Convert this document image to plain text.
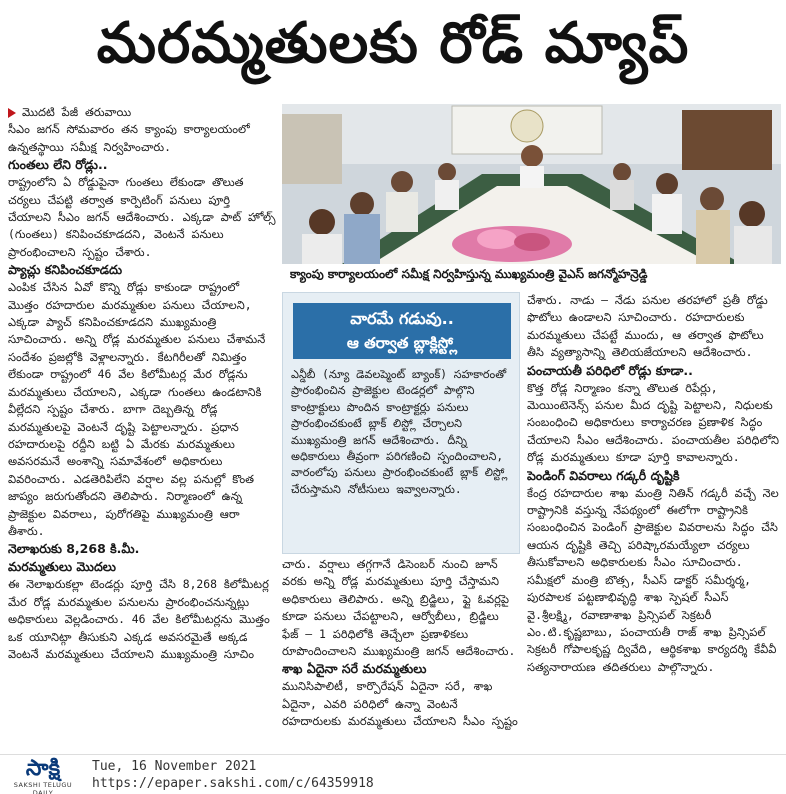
మరమ్మతులకు రోడ్ మ్యాప్

మొదటి పేజీ తరువాయి

సీఎం జగన్ సోమవారం తన క్యాంపు కార్యాలయంలో ఉన్నతస్థాయి సమీక్ష నిర్వహించారు.

గుంతలు లేని రోడ్లు..

రాష్ట్రంలోని ఏ రోడ్డుపైనా గుంతలు లేకుండా తొలుత చర్యలు చేపట్టి తర్వాత కార్పెటింగ్ పనులు పూర్తి చేయాలని సీఎం జగన్ ఆదేశించారు. ఎక్కడా పాట్ హోల్స్ (గుంతలు) కనిపించకూడదని, వెంటనే పనులు ప్రారంభించాలని స్పష్టం చేశారు.

ప్యాచ్లు కనిపించకూడదు

ఎంపిక చేసిన ఏవో కొన్ని రోడ్లు కాకుండా రాష్ట్రంలో మొత్తం రహదారుల మరమ్మతుల పనులు చేయాలని, ఎక్కడా ప్యాచ్ కనిపించకూడదని ముఖ్యమంత్రి సూచించారు. అన్ని రోడ్ల మరమ్మతుల పనులు చేశామనే సందేశం ప్రజల్లోకి వెళ్లాలన్నారు. కేటగిరీలతో నిమిత్తం లేకుండా రాష్ట్రంలో 46 వేల కిలోమీటర్ల మేర రోడ్లను మరమ్మతులు చేయాలని, ఎక్కడా గుంతలు ఉండటానికి వీల్లేదని స్పష్టం చేశారు. బాగా దెబ్బతిన్న రోడ్ల మరమ్మతులపై వెంటనే దృష్టి పెట్టాలన్నారు. ప్రధాన రహదారులపై రద్దీని బట్టి ఏ మేరకు మరమ్మతులు అవసరమనే అంశాన్ని సమావేశంలో అధికారులు వివరించారు. ఎడతెరిపిలేని వర్షాల వల్ల పనుల్లో కొంత జాప్యం జరుగుతోందని తెలిపారు. నిర్మాణంలో ఉన్న ప్రాజెక్టుల వివరాలు, పురోగతిపై ముఖ్యమంత్రి ఆరా తీశారు.

నెలాఖరుకు 8,268 కి.మీ.

మరమ్మతులు మొదలు

ఈ నెలాఖరుకల్లా టెండర్లు పూర్తి చేసి 8,268 కిలోమీటర్ల మేర రోడ్ల మరమ్మతుల పనులను ప్రారంభించనున్నట్లు అధికారులు వెల్లడించారు. 46 వేల కిలోమీటర్లను మొత్తం ఒక యూనిట్గా తీసుకుని ఎక్కడ అవసరమైతే అక్కడ వెంటనే మరమ్మతులు చేయాలని ముఖ్యమంత్రి సూచిం

క్యాంపు కార్యాలయంలో సమీక్ష నిర్వహిస్తున్న ముఖ్యమంత్రి వైఎస్ జగన్మోహన్రెడ్డి
వారమే గడువు..
ఆ తర్వాత బ్లాక్లిస్ట్లో
ఎన్డీబీ (న్యూ డెవలప్మెంట్ బ్యాంక్) సహకారంతో ప్రారంభించిన ప్రాజెక్టుల టెండర్లలో పాల్గొని కాంట్రాక్టులు పొందిన కాంట్రాక్టర్లు పనులు ప్రారంభించకుంటే బ్లాక్ లిస్ట్లో చేర్చాలని ముఖ్యమంత్రి జగన్ ఆదేశించారు. దీన్ని అధికారులు తీవ్రంగా పరిగణించి స్పందించాలని, వారంలోపు పనులు ప్రారంభించకుంటే బ్లాక్ లిస్ట్లో చేరుస్తామని నోటీసులు ఇవ్వాలన్నారు.

చారు. వర్షాలు తగ్గగానే డిసెంబర్ నుంచి జూన్ వరకు అన్ని రోడ్ల మరమ్మతులు పూర్తి చేస్తామని అధికారులు తెలిపారు. అన్ని బ్రిడ్జిలు, ఫ్లై ఓవర్లపై కూడా పనులు చేపట్టాలని, ఆర్వోబీలు, బ్రిడ్జిలు ఫేజ్ – 1 పరిధిలోకి తెచ్చేలా ప్రణాళికలు రూపొందించాలని ముఖ్యమంత్రి జగన్ ఆదేశించారు.

శాఖ ఏదైనా సరే మరమ్మతులు

మునిసిపాలిటీ, కార్పొరేషన్ ఏదైనా సరే, శాఖ ఏదైనా, ఎవరి పరిధిలో ఉన్నా వెంటనే రహదారులకు మరమ్మతులు చేయాలని సీఎం స్పష్టం

చేశారు. నాడు – నేడు పనుల తరహాలో ప్రతీ రోడ్డు ఫొటోలు ఉండాలని సూచించారు. రహదారులకు మరమ్మతులు చేపట్టే ముందు, ఆ తర్వాత ఫొటోలు తీసి వ్యత్యాసాన్ని తెలియజేయాలని ఆదేశించారు.

పంచాయతీ పరిధిలో రోడ్లు కూడా..

కొత్త రోడ్ల నిర్మాణం కన్నా తొలుత రిపేర్లు, మెయింటెనెన్స్ పనుల మీద దృష్టి పెట్టాలని, నిధులకు సంబంధించి అధికారులు కార్యాచరణ ప్రణాళిక సిద్ధం చేయాలని సీఎం ఆదేశించారు. పంచాయతీల పరిధిలోని రోడ్ల మరమ్మతులు కూడా పూర్తి కావాలన్నారు.

పెండింగ్ వివరాలు గడ్కరీ దృష్టికి

కేంద్ర రహదారుల శాఖ మంత్రి నితిన్ గడ్కరీ వచ్చే నెల రాష్ట్రానికి వస్తున్న నేపథ్యంలో ఈలోగా రాష్ట్రానికి సంబంధించిన పెండింగ్ ప్రాజెక్టుల వివరాలను సిద్ధం చేసి ఆయన దృష్టికి తెచ్చి పరిష్కారమయ్యేలా చర్యలు తీసుకోవాలని అధికారులకు సీఎం సూచించారు. సమీక్షలో మంత్రి బొత్స, సీఎస్ డాక్టర్ సమీర్శర్మ, పురపాలక పట్టణాభివృద్ధి శాఖ స్పెషల్ సీఎస్ వై.శ్రీలక్ష్మి, రవాణాశాఖ ప్రిన్సిపల్ సెక్రటరీ ఎం.టి.కృష్ణబాబు, పంచాయతీ రాజ్ శాఖ ప్రిన్సిపల్ సెక్రటరీ గోపాలకృష్ణ ద్వివేది, ఆర్థికశాఖ కార్యదర్శి కేవీవీ సత్యనారాయణ తదితరులు పాల్గొన్నారు.

సాక్షి
SAKSHI TELUGU DAILY
Tue, 16 November 2021
https://epaper.sakshi.com/c/64359918
